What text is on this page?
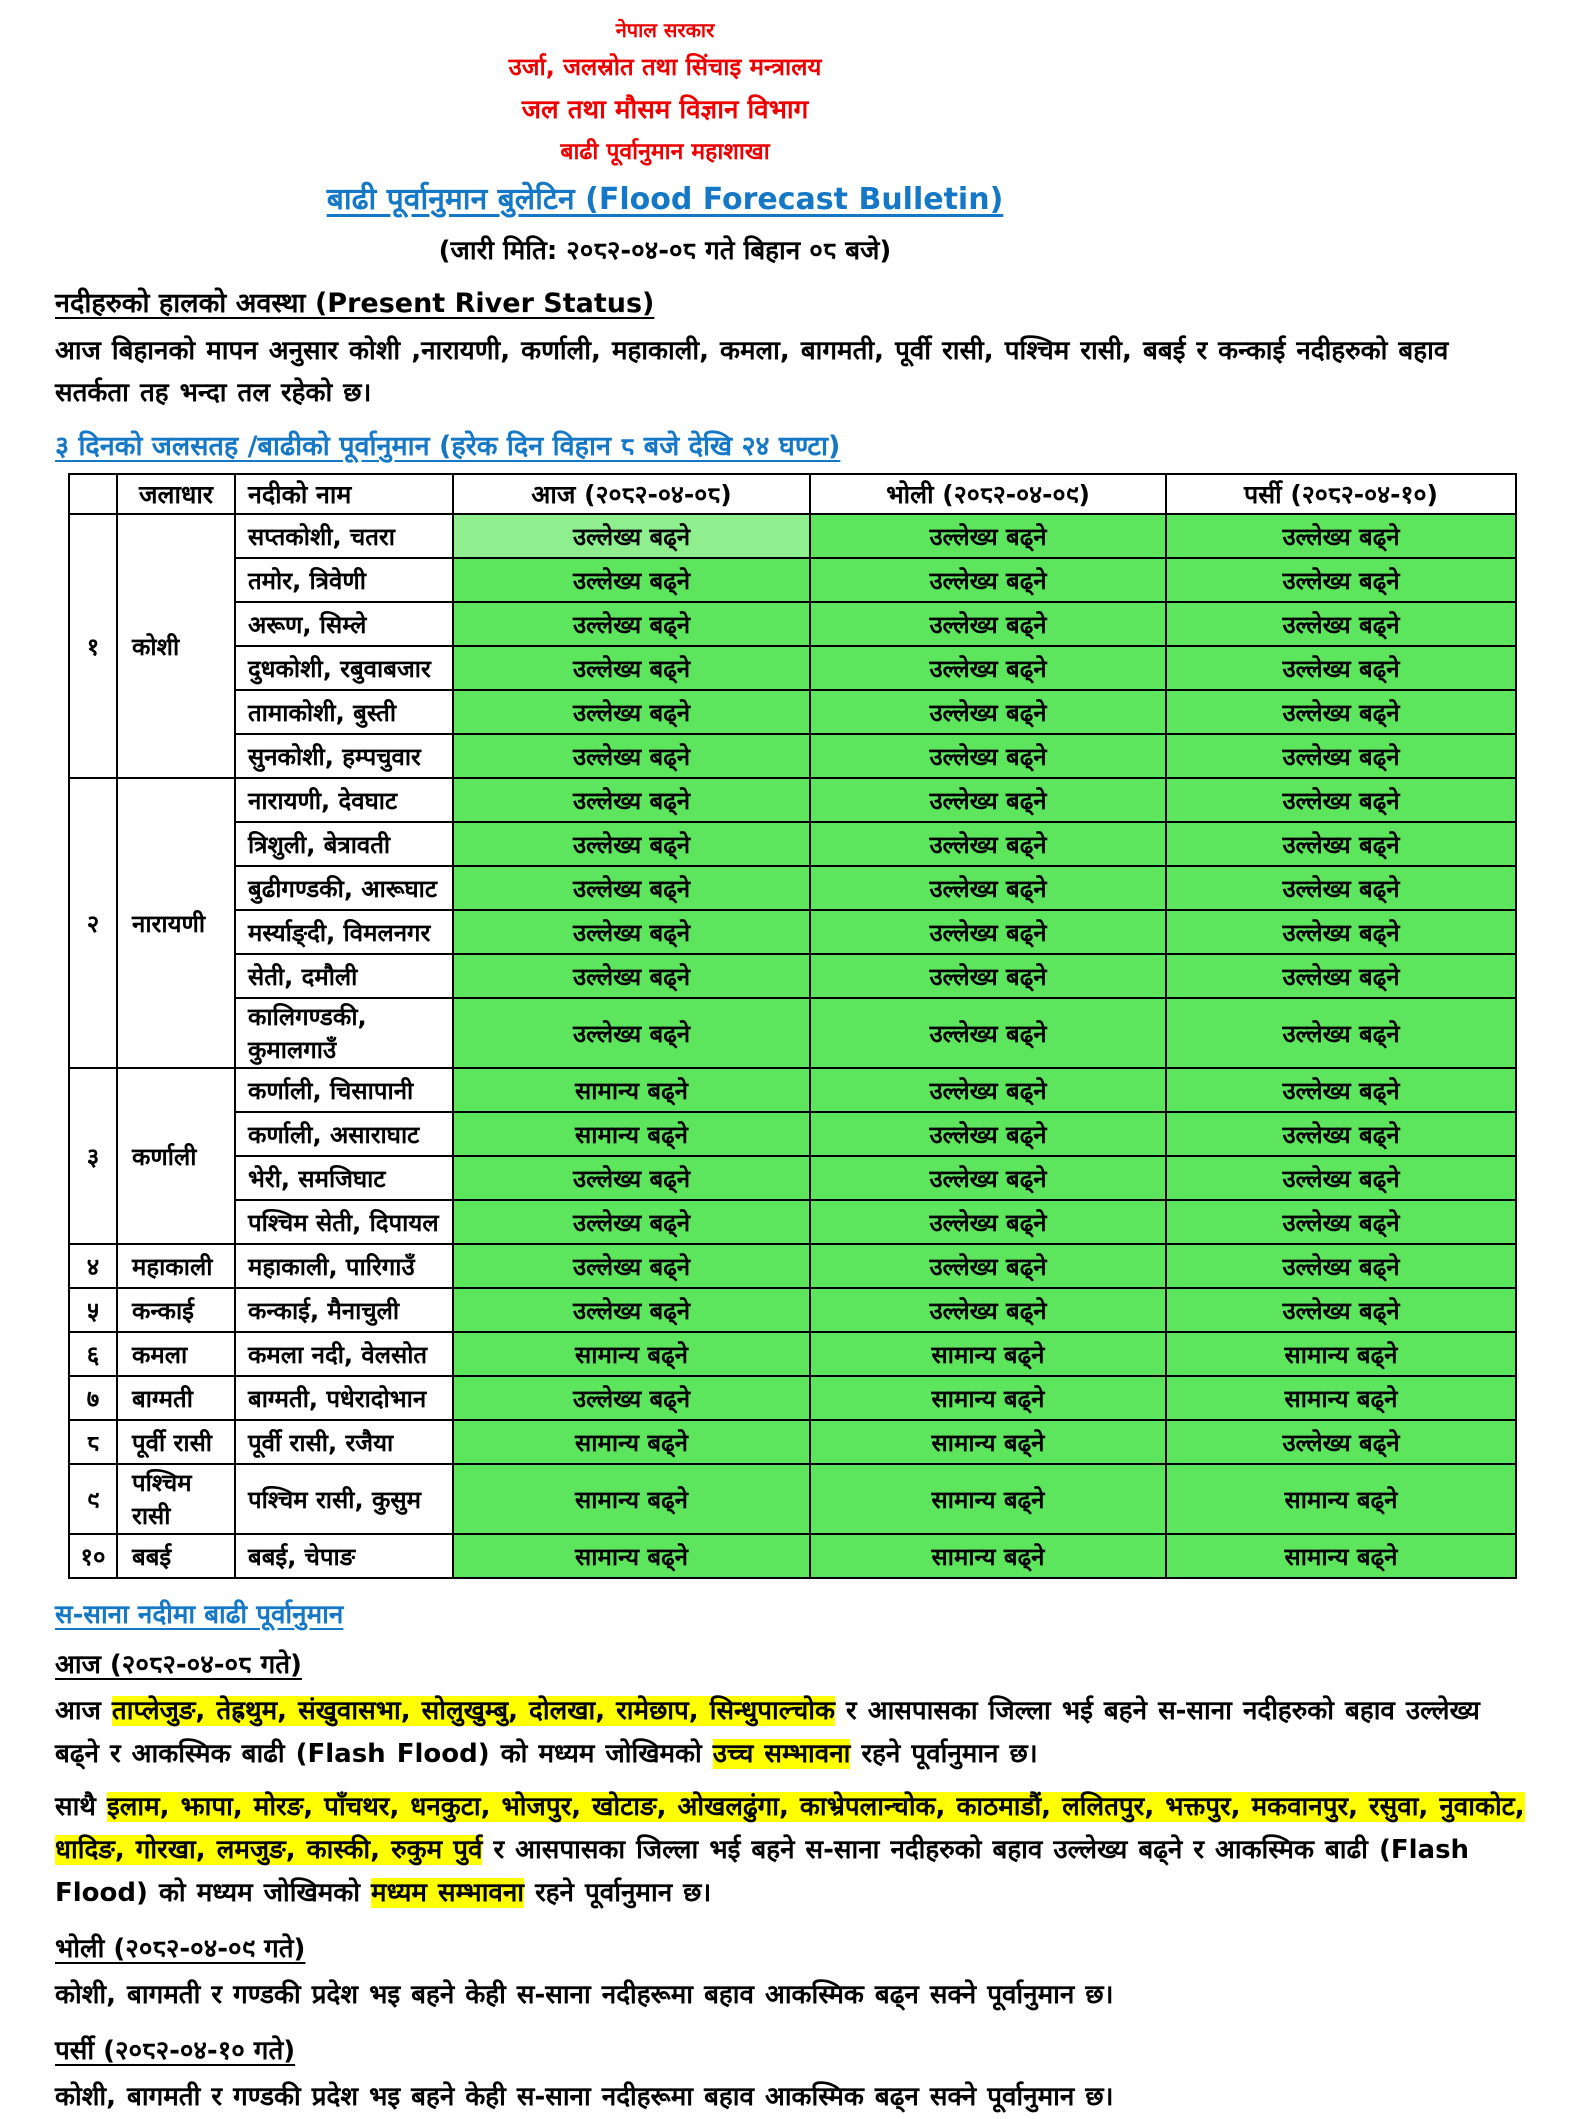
नेपाल सरकार
उर्जा, जलस्रोत तथा सिंचाइ मन्त्रालय
जल तथा मौसम विज्ञान विभाग
बाढी पूर्वानुमान महाशाखा
बाढी पूर्वानुमान बुलेटिन (Flood Forecast Bulletin)
(जारी मिति: २०८२-०४-०८ गते बिहान ०८ बजे)
नदीहरुको हालको अवस्था (Present River Status)
आज बिहानको मापन अनुसार कोशी ,नारायणी, कर्णाली, महाकाली, कमला, बागमती, पूर्वी रासी, पश्चिम रासी, बबई र कन्काई नदीहरुको बहाव सतर्कता तह भन्दा तल रहेको छ।
३ दिनको जलसतह /बाढीको पूर्वानुमान (हरेक दिन विहान ८ बजे देखि २४ घण्टा)
	जलाधार	नदीको नाम	आज (२०८२-०४-०८)	भोली (२०८२-०४-०९)	पर्सी (२०८२-०४-१०)
१	कोशी	सप्तकोशी, चतरा	उल्लेख्य बढ्ने	उल्लेख्य बढ्ने	उल्लेख्य बढ्ने
		तमोर, त्रिवेणी	उल्लेख्य बढ्ने	उल्लेख्य बढ्ने	उल्लेख्य बढ्ने
		अरूण, सिम्ले	उल्लेख्य बढ्ने	उल्लेख्य बढ्ने	उल्लेख्य बढ्ने
		दुधकोशी, रबुवाबजार	उल्लेख्य बढ्ने	उल्लेख्य बढ्ने	उल्लेख्य बढ्ने
		तामाकोशी, बुस्ती	उल्लेख्य बढ्ने	उल्लेख्य बढ्ने	उल्लेख्य बढ्ने
		सुनकोशी, हम्पचुवार	उल्लेख्य बढ्ने	उल्लेख्य बढ्ने	उल्लेख्य बढ्ने
२	नारायणी	नारायणी, देवघाट	उल्लेख्य बढ्ने	उल्लेख्य बढ्ने	उल्लेख्य बढ्ने
		त्रिशुली, बेत्रावती	उल्लेख्य बढ्ने	उल्लेख्य बढ्ने	उल्लेख्य बढ्ने
		बुढीगण्डकी, आरूघाट	उल्लेख्य बढ्ने	उल्लेख्य बढ्ने	उल्लेख्य बढ्ने
		मर्स्याङ्दी, विमलनगर	उल्लेख्य बढ्ने	उल्लेख्य बढ्ने	उल्लेख्य बढ्ने
		सेती, दमौली	उल्लेख्य बढ्ने	उल्लेख्य बढ्ने	उल्लेख्य बढ्ने
		कालिगण्डकी, कुमालगाउँ	उल्लेख्य बढ्ने	उल्लेख्य बढ्ने	उल्लेख्य बढ्ने
३	कर्णाली	कर्णाली, चिसापानी	सामान्य बढ्ने	उल्लेख्य बढ्ने	उल्लेख्य बढ्ने
		कर्णाली, असाराघाट	सामान्य बढ्ने	उल्लेख्य बढ्ने	उल्लेख्य बढ्ने
		भेरी, समजिघाट	उल्लेख्य बढ्ने	उल्लेख्य बढ्ने	उल्लेख्य बढ्ने
		पश्चिम सेती, दिपायल	उल्लेख्य बढ्ने	उल्लेख्य बढ्ने	उल्लेख्य बढ्ने
४	महाकाली	महाकाली, पारिगाउँ	उल्लेख्य बढ्ने	उल्लेख्य बढ्ने	उल्लेख्य बढ्ने
५	कन्काई	कन्काई, मैनाचुली	उल्लेख्य बढ्ने	उल्लेख्य बढ्ने	उल्लेख्य बढ्ने
६	कमला	कमला नदी, वेलसोत	सामान्य बढ्ने	सामान्य बढ्ने	सामान्य बढ्ने
७	बाग्मती	बाग्मती, पधेरादोभान	उल्लेख्य बढ्ने	सामान्य बढ्ने	सामान्य बढ्ने
८	पूर्वी रासी	पूर्वी रासी, रजैया	सामान्य बढ्ने	सामान्य बढ्ने	उल्लेख्य बढ्ने
९	पश्चिम रासी	पश्चिम रासी, कुसुम	सामान्य बढ्ने	सामान्य बढ्ने	सामान्य बढ्ने
१०	बबई	बबई, चेपाङ	सामान्य बढ्ने	सामान्य बढ्ने	सामान्य बढ्ने
स-साना नदीमा बाढी पूर्वानुमान
आज (२०८२-०४-०८ गते)
आज ताप्लेजुङ, तेह्रथुम, संखुवासभा, सोलुखुम्बु, दोलखा, रामेछाप, सिन्धुपाल्चोक र आसपासका जिल्ला भई बहने स-साना नदीहरुको बहाव उल्लेख्य बढ्ने र आकस्मिक बाढी (Flash Flood) को मध्यम जोखिमको उच्च सम्भावना रहने पूर्वानुमान छ।
साथै इलाम, झापा, मोरङ, पाँचथर, धनकुटा, भोजपुर, खोटाङ, ओखलढुंगा, काभ्रेपलान्चोक, काठमाडौं, ललितपुर, भक्तपुर, मकवानपुर, रसुवा, नुवाकोट, धादिङ, गोरखा, लमजुङ, कास्की, रुकुम पुर्व र आसपासका जिल्ला भई बहने स-साना नदीहरुको बहाव उल्लेख्य बढ्ने र आकस्मिक बाढी (Flash Flood) को मध्यम जोखिमको मध्यम सम्भावना रहने पूर्वानुमान छ।
भोली (२०८२-०४-०९ गते)
कोशी, बागमती र गण्डकी प्रदेश भइ बहने केही स-साना नदीहरूमा बहाव आकस्मिक बढ्न सक्ने पूर्वानुमान छ।
पर्सी (२०८२-०४-१० गते)
कोशी, बागमती र गण्डकी प्रदेश भइ बहने केही स-साना नदीहरूमा बहाव आकस्मिक बढ्न सक्ने पूर्वानुमान छ।
